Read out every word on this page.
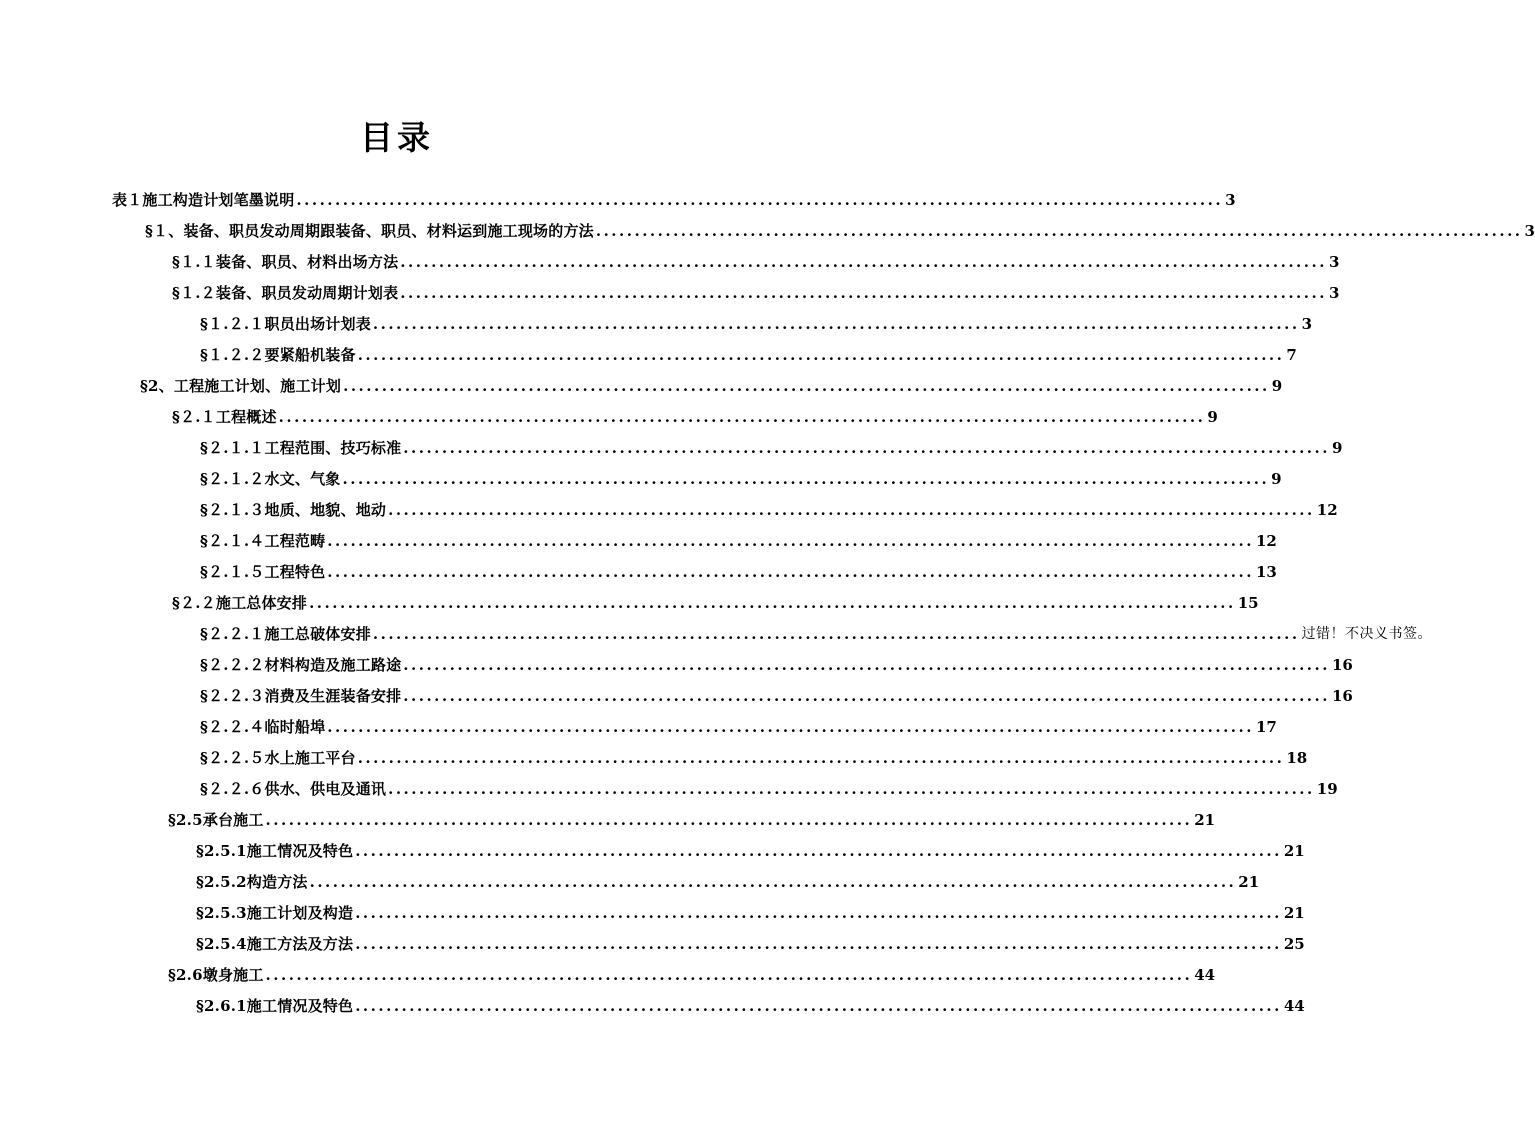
目录
表１施工构造计划笔墨说明 ........................................................................................................................ 3
§１、装备、职员发动周期跟装备、职员、材料运到施工现场的方法 ........................................................................................................................ 3
§１.１装备、职员、材料出场方法 ........................................................................................................................ 3
§１.２装备、职员发动周期计划表 ........................................................................................................................ 3
§１.２.１职员出场计划表 ........................................................................................................................ 3
§１.２.２要紧船机装备 ........................................................................................................................ 7
§2、工程施工计划、施工计划 ........................................................................................................................ 9
§２.１工程概述 ........................................................................................................................ 9
§２.１.１工程范围、技巧标准 ........................................................................................................................ 9
§２.１.２水文、气象 ........................................................................................................................ 9
§２.１.３地质、地貌、地动 ........................................................................................................................ 12
§２.１.４工程范畴 ........................................................................................................................ 12
§２.１.５工程特色 ........................................................................................................................ 13
§２.２施工总体安排 ........................................................................................................................ 15
§２.２.１施工总破体安排 ........................................................................................................................ 过错！不决义书签。
§２.２.２材料构造及施工路途 ........................................................................................................................ 16
§２.２.３消费及生涯装备安排 ........................................................................................................................ 16
§２.２.４临时船埠 ........................................................................................................................ 17
§２.２.５水上施工平台 ........................................................................................................................ 18
§２.２.６供水、供电及通讯 ........................................................................................................................ 19
§2.5承台施工 ........................................................................................................................ 21
§2.5.1施工情况及特色 ........................................................................................................................ 21
§2.5.2构造方法 ........................................................................................................................ 21
§2.5.3施工计划及构造 ........................................................................................................................ 21
§2.5.4施工方法及方法 ........................................................................................................................ 25
§2.6墩身施工 ........................................................................................................................ 44
§2.6.1施工情况及特色 ........................................................................................................................ 44
